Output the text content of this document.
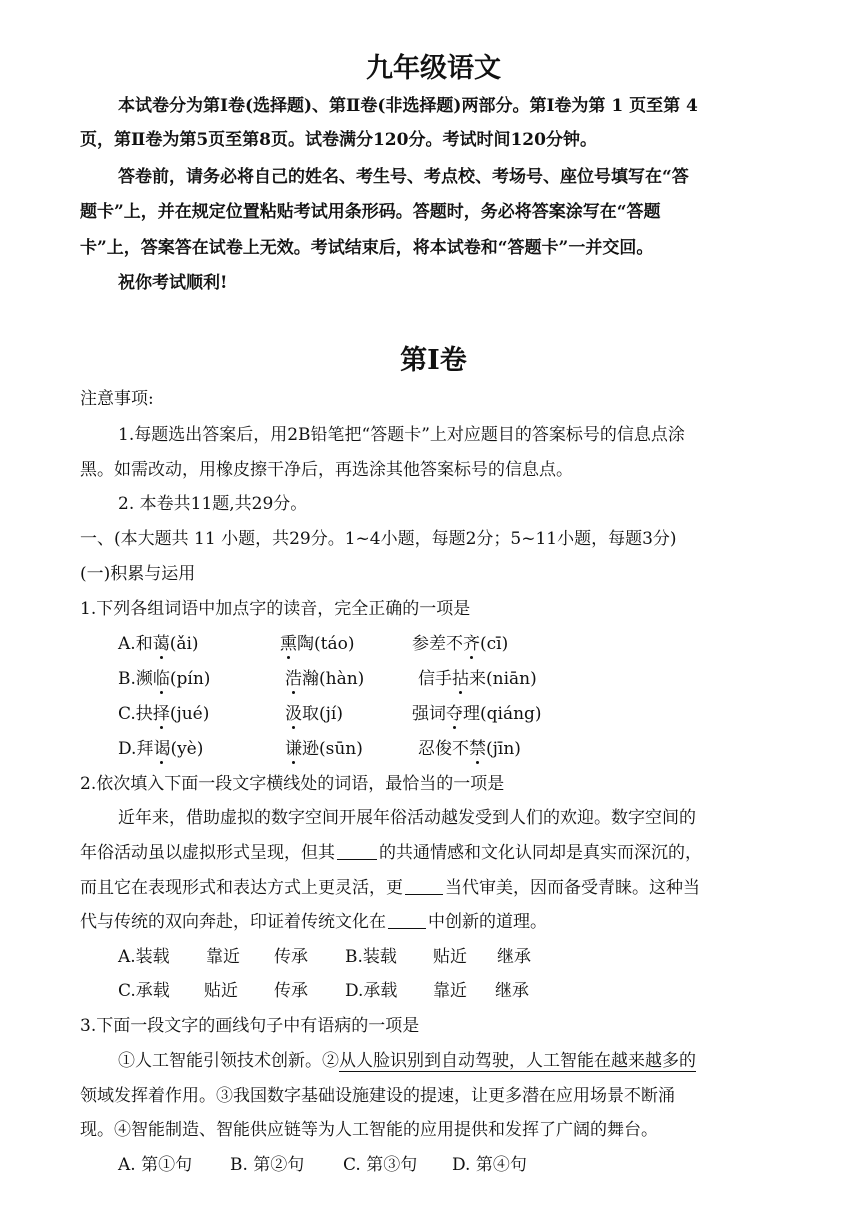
九年级语文
本试卷分为第Ⅰ卷(选择题)、第Ⅱ卷(非选择题)两部分。第Ⅰ卷为第 1 页至第 4
页，第Ⅱ卷为第5页至第8页。试卷满分120分。考试时间120分钟。
答卷前，请务必将自己的姓名、考生号、考点校、考场号、座位号填写在“答
题卡”上，并在规定位置粘贴考试用条形码。答题时，务必将答案涂写在“答题
卡”上，答案答在试卷上无效。考试结束后，将本试卷和“答题卡”一并交回。
祝你考试顺利!
第Ⅰ卷
注意事项:
1.每题选出答案后，用2B铅笔把“答题卡”上对应题目的答案标号的信息点涂
黑。如需改动，用橡皮擦干净后，再选涂其他答案标号的信息点。
2. 本卷共11题,共29分。
一、(本大题共 11 小题，共29分。1~4小题，每题2分；5~11小题，每题3分)
(一)积累与运用
1.下列各组词语中加点字的读音，完全正确的一项是
A.和蔼(ǎi)	熏陶(táo)	参差不齐(cī)
B.濒临(pín)	浩瀚(hàn)	信手拈来(niān)
C.抉择(jué)	汲取(jí)	强词夺理(qiáng)
D.拜谒(yè)	谦逊(sūn)	忍俊不禁(jīn)
2.依次填入下面一段文字横线处的词语，最恰当的一项是
近年来，借助虚拟的数字空间开展年俗活动越发受到人们的欢迎。数字空间的
年俗活动虽以虚拟形式呈现，但其	的共通情感和文化认同却是真实而深沉的，
而且它在表现形式和表达方式上更灵活，更 当代审美，因而备受青睐。这种当
代与传统的双向奔赴，印证着传统文化在 中创新的道理。
A.装载 靠近 传承 B.装载 贴近 继承
C.承载 贴近 传承 D.承载 靠近 继承
3.下面一段文字的画线句子中有语病的一项是
①人工智能引领技术创新。②从人脸识别到自动驾驶，人工智能在越来越多的
领域发挥着作用。③我国数字基础设施建设的提速，让更多潜在应用场景不断涌
现。④智能制造、智能供应链等为人工智能的应用提供和发挥了广阔的舞台。
A. 第①句 B. 第②句 C. 第③句 D. 第④句
